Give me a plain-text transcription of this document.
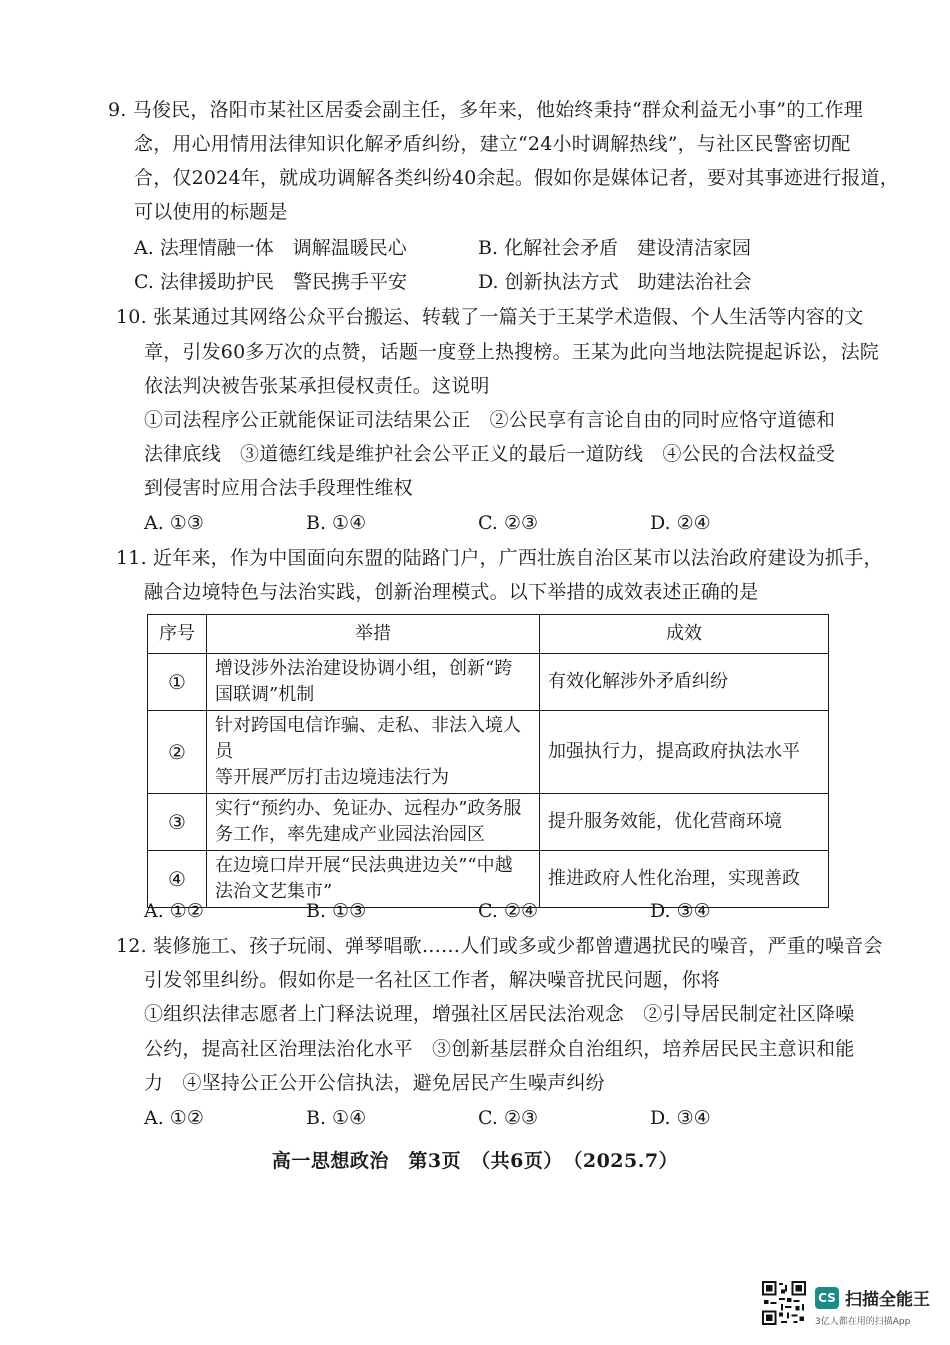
9. 马俊民，洛阳市某社区居委会副主任，多年来，他始终秉持“群众利益无小事”的工作理
念，用心用情用法律知识化解矛盾纠纷，建立“24小时调解热线”，与社区民警密切配
合，仅2024年，就成功调解各类纠纷40余起。假如你是媒体记者，要对其事迹进行报道，
可以使用的标题是
A. 法理情融一体　调解温暖民心	B. 化解社会矛盾　建设清洁家园
C. 法律援助护民　警民携手平安	D. 创新执法方式　助建法治社会
10. 张某通过其网络公众平台搬运、转载了一篇关于王某学术造假、个人生活等内容的文
章，引发60多万次的点赞，话题一度登上热搜榜。王某为此向当地法院提起诉讼，法院
依法判决被告张某承担侵权责任。这说明
①司法程序公正就能保证司法结果公正　②公民享有言论自由的同时应恪守道德和
法律底线　③道德红线是维护社会公平正义的最后一道防线　④公民的合法权益受
到侵害时应用合法手段理性维权
A. ①③	B. ①④	C. ②③	D. ②④
11. 近年来，作为中国面向东盟的陆路门户，广西壮族自治区某市以法治政府建设为抓手，
融合边境特色与法治实践，创新治理模式。以下举措的成效表述正确的是
序号	举措	成效
①	增设涉外法治建设协调小组，创新“跨
国联调”机制	有效化解涉外矛盾纠纷
②	针对跨国电信诈骗、走私、非法入境人员
等开展严厉打击边境违法行为	加强执行力，提高政府执法水平
③	实行“预约办、免证办、远程办”政务服
务工作，率先建成产业园法治园区	提升服务效能，优化营商环境
④	在边境口岸开展“民法典进边关”“中越
法治文艺集市”	推进政府人性化治理，实现善政
A. ①②	B. ①③	C. ②④	D. ③④
12. 装修施工、孩子玩闹、弹琴唱歌……人们或多或少都曾遭遇扰民的噪音，严重的噪音会
引发邻里纠纷。假如你是一名社区工作者，解决噪音扰民问题，你将
①组织法律志愿者上门释法说理，增强社区居民法治观念　②引导居民制定社区降噪
公约，提高社区治理法治化水平　③创新基层群众自治组织，培养居民民主意识和能
力　④坚持公正公开公信执法，避免居民产生噪声纠纷
A. ①②	B. ①④	C. ②③	D. ③④
高一思想政治　第3页　（共6页）　（2025.7）
CS 扫描全能王
3亿人都在用的扫描App
